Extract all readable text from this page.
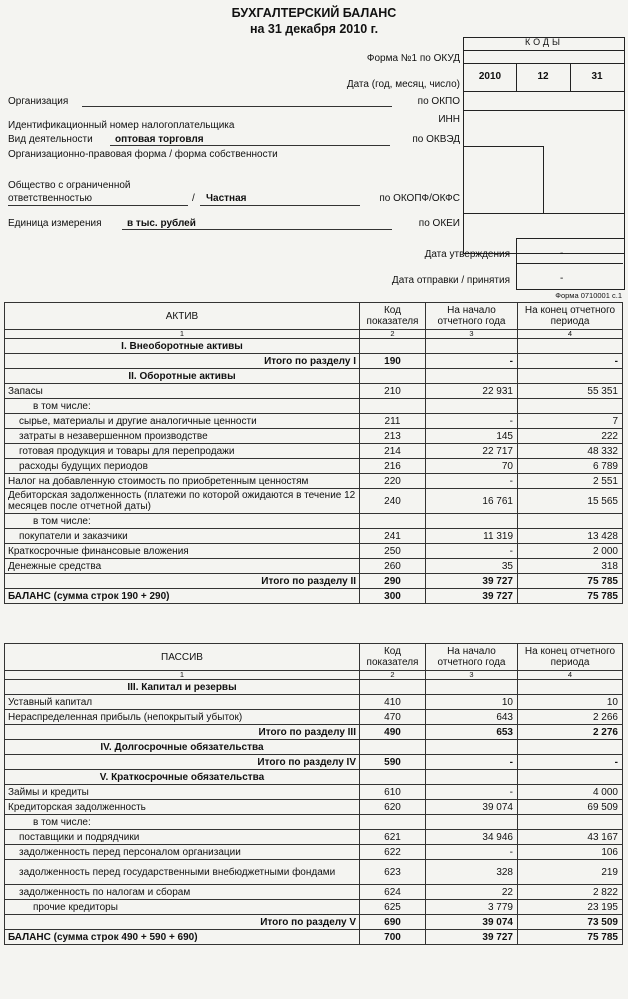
БУХГАЛТЕРСКИЙ БАЛАНС
на 31 декабря 2010 г.
КОДЫ
Форма №1 по ОКУД
Дата (год, месяц, число)
2010	12	31
Организация	по ОКПО
Идентификационный номер налогоплательщика
ИНН
Вид деятельности оптовая торговля	по ОКВЭД
Организационно-правовая форма / форма собственности
Общество с ограниченной
ответственностью	/ Частная	по ОКОПФ/ОКФС
Единица измерения	в тыс. рублей	по ОКЕИ
Дата утверждения	-
Дата отправки / принятия	-
Форма 0710001 с.1
АКТИВ	Код показателя	На начало отчетного года	На конец отчетного периода
1	2	3	4
I. Внеоборотные активы			
Итого по разделу I	190	-	-
II. Оборотные активы			
Запасы	210	22 931	55 351
в том числе:			
сырье, материалы и другие аналогичные ценности	211	-	7
затраты в незавершенном производстве	213	145	222
готовая продукция и товары для перепродажи	214	22 717	48 332
расходы будущих периодов	216	70	6 789
Налог на добавленную стоимость по приобретенным ценностям	220	-	2 551
Дебиторская задолженность (платежи по которой ожидаются в течение 12 месяцев после отчетной даты)	240	16 761	15 565
в том числе:			
покупатели и заказчики	241	11 319	13 428
Краткосрочные финансовые вложения	250	-	2 000
Денежные средства	260	35	318
Итого по разделу II	290	39 727	75 785
БАЛАНС (сумма строк 190 + 290)	300	39 727	75 785
ПАССИВ	Код показателя	На начало отчетного года	На конец отчетного периода
1	2	3	4
III. Капитал и резервы			
Уставный капитал	410	10	10
Нераспределенная прибыль (непокрытый убыток)	470	643	2 266
Итого по разделу III	490	653	2 276
IV. Долгосрочные обязательства			
Итого по разделу IV	590	-	-
V. Краткосрочные обязательства			
Займы и кредиты	610	-	4 000
Кредиторская задолженность	620	39 074	69 509
в том числе:			
поставщики и подрядчики	621	34 946	43 167
задолженность перед персоналом организации	622	-	106
задолженность перед государственными внебюджетными фондами	623	328	219
задолженность по налогам и сборам	624	22	2 822
прочие кредиторы	625	3 779	23 195
Итого по разделу V	690	39 074	73 509
БАЛАНС (сумма строк 490 + 590 + 690)	700	39 727	75 785
